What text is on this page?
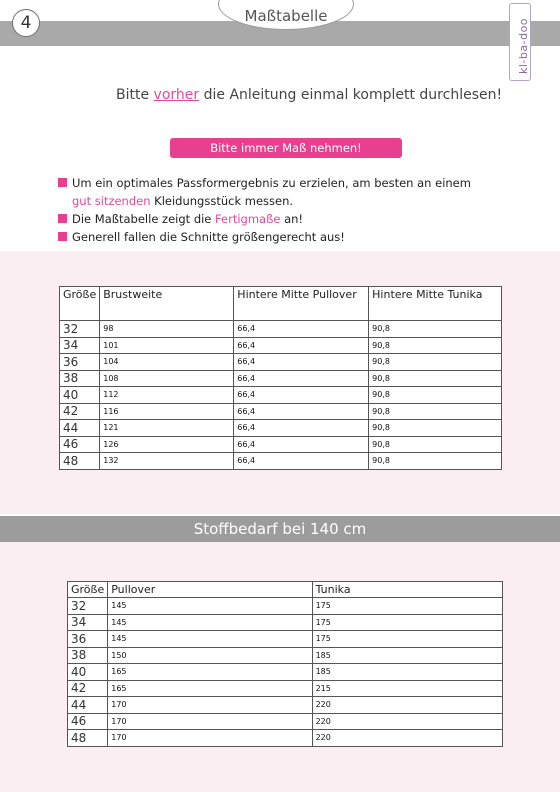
4	Maßtabelle
kl-ba-doo
Bitte vorher die Anleitung einmal komplett durchlesen!
Bitte immer Maß nehmen!
Um ein optimales Passformergebnis zu erzielen, am besten an einem
gut sitzenden Kleidungsstück messen.
Die Maßtabelle zeigt die Fertigmaße an!
Generell fallen die Schnitte größengerecht aus!
Größe	Brustweite	Hintere Mitte Pullover	Hintere Mitte Tunika
32	98	66,4	90,8
34	101	66,4	90,8
36	104	66,4	90,8
38	108	66,4	90,8
40	112	66,4	90,8
42	116	66,4	90,8
44	121	66,4	90,8
46	126	66,4	90,8
48	132	66,4	90,8
Stoffbedarf bei 140 cm
Größe	Pullover	Tunika
32	145	175
34	145	175
36	145	175
38	150	185
40	165	185
42	165	215
44	170	220
46	170	220
48	170	220
